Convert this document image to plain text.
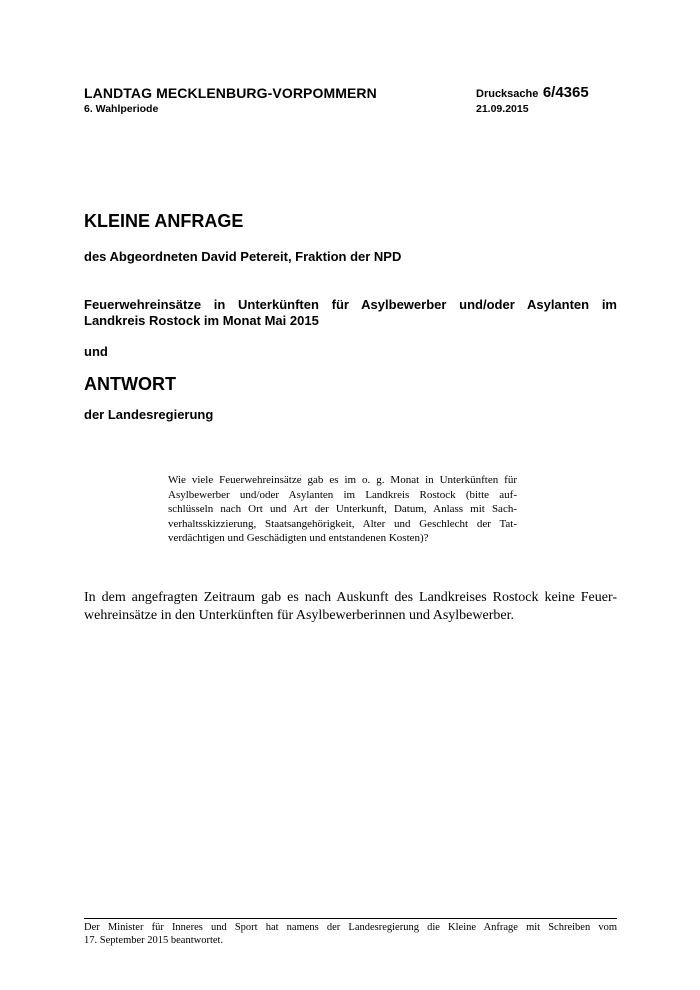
LANDTAG MECKLENBURG-VORPOMMERN
6. Wahlperiode
Drucksache 6/4365
21.09.2015
KLEINE ANFRAGE

des Abgeordneten David Petereit, Fraktion der NPD

Feuerwehreinsätze in Unterkünften für Asylbewerber und/oder Asylanten im
Landkreis Rostock im Monat Mai 2015

und

ANTWORT

der Landesregierung

Wie viele Feuerwehreinsätze gab es im o. g. Monat in Unterkünften für
Asylbewerber und/oder Asylanten im Landkreis Rostock (bitte auf-
schlüsseln nach Ort und Art der Unterkunft, Datum, Anlass mit Sach-
verhaltsskizzierung, Staatsangehörigkeit, Alter und Geschlecht der Tat-
verdächtigen und Geschädigten und entstandenen Kosten)?

In dem angefragten Zeitraum gab es nach Auskunft des Landkreises Rostock keine Feuer-
wehreinsätze in den Unterkünften für Asylbewerberinnen und Asylbewerber.

Der Minister für Inneres und Sport hat namens der Landesregierung die Kleine Anfrage mit Schreiben vom
17. September 2015 beantwortet.
